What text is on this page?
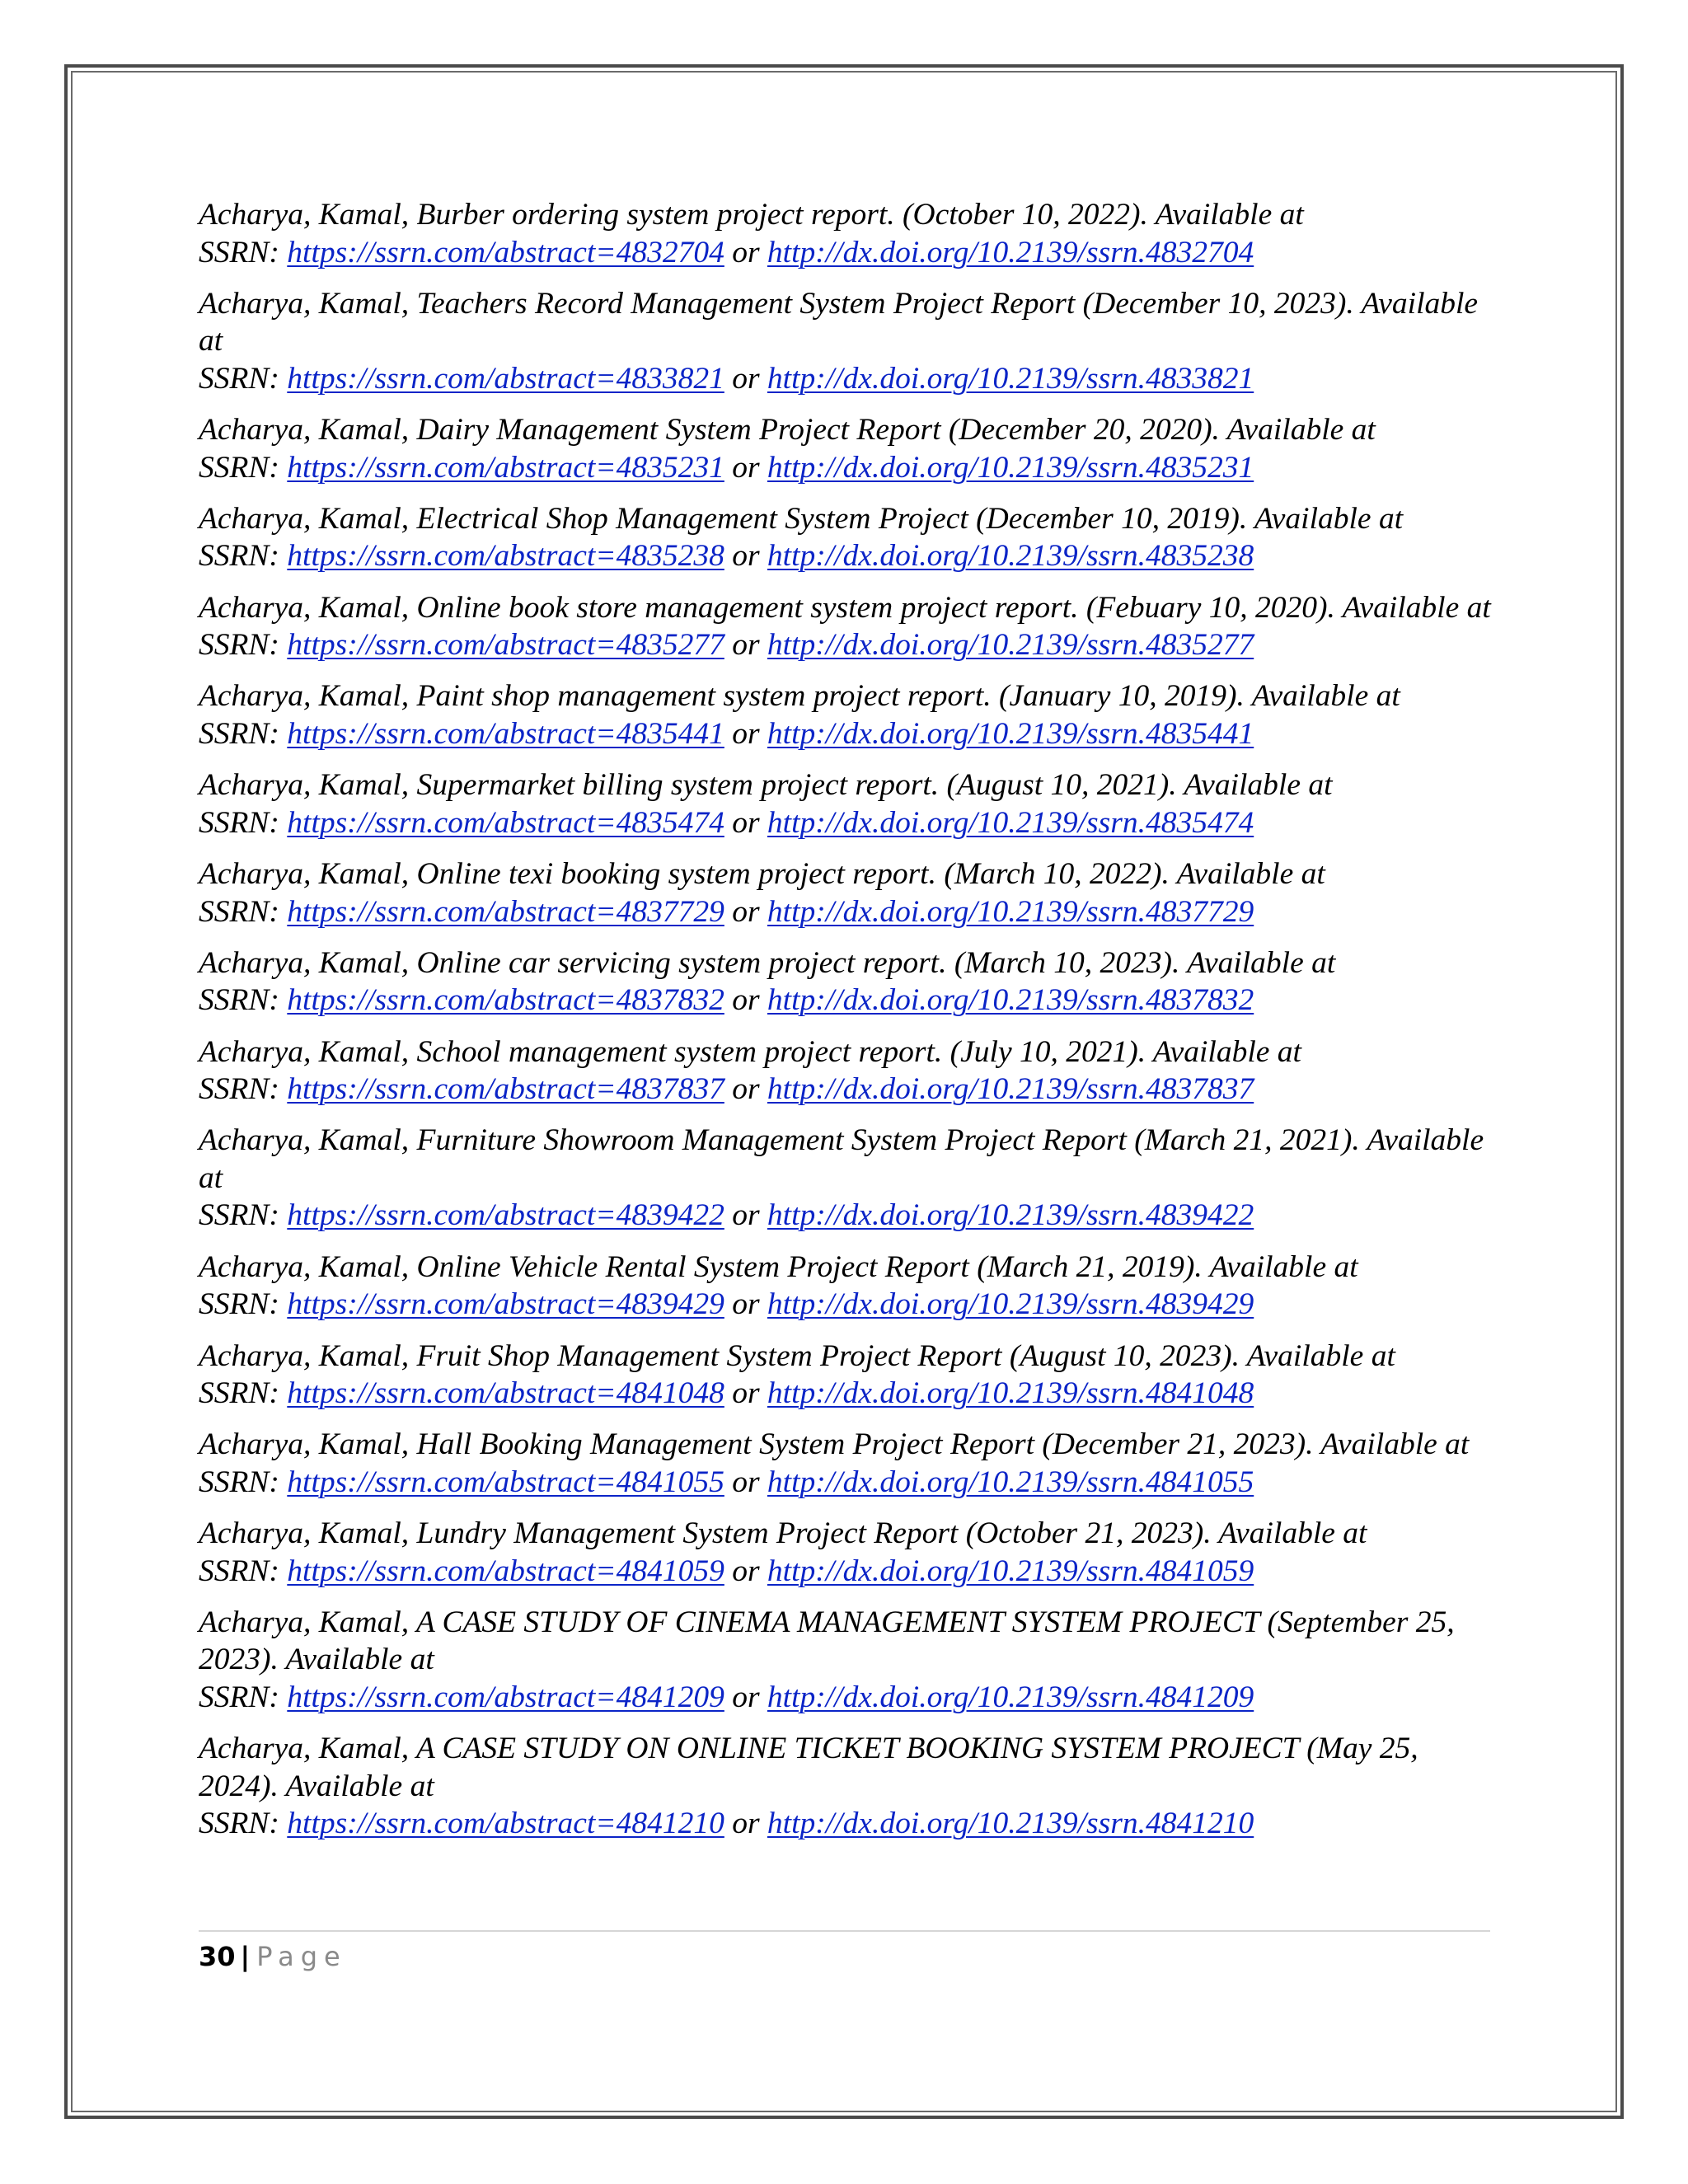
Acharya, Kamal, Burber ordering system project report. (October 10, 2022). Available at
SSRN: https://ssrn.com/abstract=4832704 or http://dx.doi.org/10.2139/ssrn.4832704
Acharya, Kamal, Teachers Record Management System Project Report (December 10, 2023). Available at
SSRN: https://ssrn.com/abstract=4833821 or http://dx.doi.org/10.2139/ssrn.4833821
Acharya, Kamal, Dairy Management System Project Report (December 20, 2020). Available at
SSRN: https://ssrn.com/abstract=4835231 or http://dx.doi.org/10.2139/ssrn.4835231
Acharya, Kamal, Electrical Shop Management System Project (December 10, 2019). Available at SSRN: https://ssrn.com/abstract=4835238 or http://dx.doi.org/10.2139/ssrn.4835238
Acharya, Kamal, Online book store management system project report. (Febuary 10, 2020). Available at
SSRN: https://ssrn.com/abstract=4835277 or http://dx.doi.org/10.2139/ssrn.4835277
Acharya, Kamal, Paint shop management system project report. (January 10, 2019). Available at SSRN: https://ssrn.com/abstract=4835441 or http://dx.doi.org/10.2139/ssrn.4835441
Acharya, Kamal, Supermarket billing system project report. (August 10, 2021). Available at
SSRN: https://ssrn.com/abstract=4835474 or http://dx.doi.org/10.2139/ssrn.4835474
Acharya, Kamal, Online texi booking system project report. (March 10, 2022). Available at
SSRN: https://ssrn.com/abstract=4837729 or http://dx.doi.org/10.2139/ssrn.4837729
Acharya, Kamal, Online car servicing system project report. (March 10, 2023). Available at
SSRN: https://ssrn.com/abstract=4837832 or http://dx.doi.org/10.2139/ssrn.4837832
Acharya, Kamal, School management system project report. (July 10, 2021). Available at
SSRN: https://ssrn.com/abstract=4837837 or http://dx.doi.org/10.2139/ssrn.4837837
Acharya, Kamal, Furniture Showroom Management System Project Report (March 21, 2021). Available at
SSRN: https://ssrn.com/abstract=4839422 or http://dx.doi.org/10.2139/ssrn.4839422
Acharya, Kamal, Online Vehicle Rental System Project Report (March 21, 2019). Available at
SSRN: https://ssrn.com/abstract=4839429 or http://dx.doi.org/10.2139/ssrn.4839429
Acharya, Kamal, Fruit Shop Management System Project Report (August 10, 2023). Available at
SSRN: https://ssrn.com/abstract=4841048 or http://dx.doi.org/10.2139/ssrn.4841048
Acharya, Kamal, Hall Booking Management System Project Report (December 21, 2023). Available at
SSRN: https://ssrn.com/abstract=4841055 or http://dx.doi.org/10.2139/ssrn.4841055
Acharya, Kamal, Lundry Management System Project Report (October 21, 2023). Available at
SSRN: https://ssrn.com/abstract=4841059 or http://dx.doi.org/10.2139/ssrn.4841059
Acharya, Kamal, A CASE STUDY OF CINEMA MANAGEMENT SYSTEM PROJECT (September 25, 2023). Available at
SSRN: https://ssrn.com/abstract=4841209 or http://dx.doi.org/10.2139/ssrn.4841209
Acharya, Kamal, A CASE STUDY ON ONLINE TICKET BOOKING SYSTEM PROJECT (May 25, 2024). Available at
SSRN: https://ssrn.com/abstract=4841210 or http://dx.doi.org/10.2139/ssrn.4841210
30 | Page
